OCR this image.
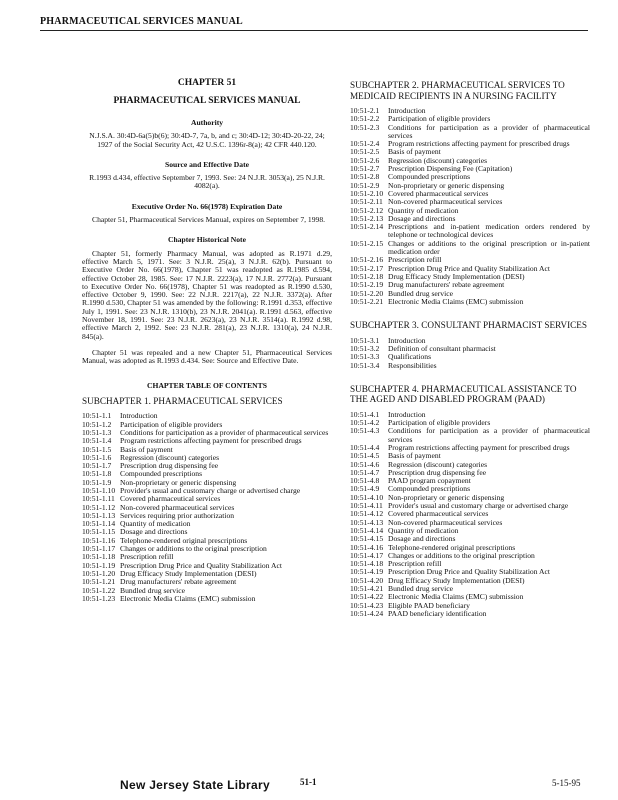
PHARMACEUTICAL SERVICES MANUAL
CHAPTER 51
PHARMACEUTICAL SERVICES MANUAL
Authority
N.J.S.A. 30:4D-6a(5)b(6); 30:4D-7, 7a, b, and c; 30:4D-12; 30:4D-20-22, 24; 1927 of the Social Security Act, 42 U.S.C. 1396r-8(a); 42 CFR 440.120.
Source and Effective Date
R.1993 d.434, effective September 7, 1993. See: 24 N.J.R. 3053(a), 25 N.J.R. 4082(a).
Executive Order No. 66(1978) Expiration Date
Chapter 51, Pharmaceutical Services Manual, expires on September 7, 1998.
Chapter Historical Note
Chapter 51, formerly Pharmacy Manual, was adopted as R.1971 d.29, effective March 5, 1971. See: 3 N.J.R. 25(a), 3 N.J.R. 62(b). Pursuant to Executive Order No. 66(1978), Chapter 51 was readopted as R.1985 d.594, effective October 28, 1985. See: 17 N.J.R. 2223(a), 17 N.J.R. 2772(a). Pursuant to Executive Order No. 66(1978), Chapter 51 was readopted as R.1990 d.530, effective October 9, 1990. See: 22 N.J.R. 2217(a), 22 N.J.R. 3372(a). After R.1990 d.530, Chapter 51 was amended by the following: R.1991 d.353, effective July 1, 1991. See: 23 N.J.R. 1310(b), 23 N.J.R. 2041(a). R.1991 d.563, effective November 18, 1991. See: 23 N.J.R. 2623(a), 23 N.J.R. 3514(a). R.1992 d.98, effective March 2, 1992. See: 23 N.J.R. 281(a), 23 N.J.R. 1310(a), 24 N.J.R. 845(a).
Chapter 51 was repealed and a new Chapter 51, Pharmaceutical Services Manual, was adopted as R.1993 d.434. See: Source and Effective Date.
CHAPTER TABLE OF CONTENTS
SUBCHAPTER 1. PHARMACEUTICAL SERVICES
10:51-1.1	Introduction
10:51-1.2	Participation of eligible providers
10:51-1.3	Conditions for participation as a provider of pharmaceutical services
10:51-1.4	Program restrictions affecting payment for prescribed drugs
10:51-1.5	Basis of payment
10:51-1.6	Regression (discount) categories
10:51-1.7	Prescription drug dispensing fee
10:51-1.8	Compounded prescriptions
10:51-1.9	Non-proprietary or generic dispensing
10:51-1.10 Provider's usual and customary charge or advertised charge
10:51-1.11 Covered pharmaceutical services
10:51-1.12 Non-covered pharmaceutical services
10:51-1.13 Services requiring prior authorization
10:51-1.14 Quantity of medication
10:51-1.15 Dosage and directions
10:51-1.16 Telephone-rendered original prescriptions
10:51-1.17 Changes or additions to the original prescription
10:51-1.18 Prescription refill
10:51-1.19 Prescription Drug Price and Quality Stabilization Act
10:51-1.20 Drug Efficacy Study Implementation (DESI)
10:51-1.21 Drug manufacturers' rebate agreement
10:51-1.22 Bundled drug service
10:51-1.23 Electronic Media Claims (EMC) submission
SUBCHAPTER 2. PHARMACEUTICAL SERVICES TO MEDICAID RECIPIENTS IN A NURSING FACILITY
10:51-2.1	Introduction
10:51-2.2	Participation of eligible providers
10:51-2.3	Conditions for participation as a provider of pharmaceutical services
10:51-2.4	Program restrictions affecting payment for prescribed drugs
10:51-2.5	Basis of payment
10:51-2.6	Regression (discount) categories
10:51-2.7	Prescription Dispensing Fee (Capitation)
10:51-2.8	Compounded prescriptions
10:51-2.9	Non-proprietary or generic dispensing
10:51-2.10 Covered pharmaceutical services
10:51-2.11 Non-covered pharmaceutical services
10:51-2.12 Quantity of medication
10:51-2.13 Dosage and directions
10:51-2.14 Prescriptions and in-patient medication orders rendered by telephone or technological devices
10:51-2.15 Changes or additions to the original prescription or in-patient medication order
10:51-2.16 Prescription refill
10:51-2.17 Prescription Drug Price and Quality Stabilization Act
10:51-2.18 Drug Efficacy Study Implementation (DESI)
10:51-2.19 Drug manufacturers' rebate agreement
10:51-2.20 Bundled drug service
10:51-2.21 Electronic Media Claims (EMC) submission
SUBCHAPTER 3. CONSULTANT PHARMACIST SERVICES
10:51-3.1	Introduction
10:51-3.2	Definition of consultant pharmacist
10:51-3.3	Qualifications
10:51-3.4	Responsibilities
SUBCHAPTER 4. PHARMACEUTICAL ASSISTANCE TO THE AGED AND DISABLED PROGRAM (PAAD)
10:51-4.1	Introduction
10:51-4.2	Participation of eligible providers
10:51-4.3	Conditions for participation as a provider of pharmaceutical services
10:51-4.4	Program restrictions affecting payment for prescribed drugs
10:51-4.5	Basis of payment
10:51-4.6	Regression (discount) categories
10:51-4.7	Prescription drug dispensing fee
10:51-4.8	PAAD program copayment
10:51-4.9	Compounded prescriptions
10:51-4.10 Non-proprietary or generic dispensing
10:51-4.11 Provider's usual and customary charge or advertised charge
10:51-4.12 Covered pharmaceutical services
10:51-4.13 Non-covered pharmaceutical services
10:51-4.14 Quantity of medication
10:51-4.15 Dosage and directions
10:51-4.16 Telephone-rendered original prescriptions
10:51-4.17 Changes or additions to the original prescription
10:51-4.18 Prescription refill
10:51-4.19 Prescription Drug Price and Quality Stabilization Act
10:51-4.20 Drug Efficacy Study Implementation (DESI)
10:51-4.21 Bundled drug service
10:51-4.22 Electronic Media Claims (EMC) submission
10:51-4.23 Eligible PAAD beneficiary
10:51-4.24 PAAD beneficiary identification
New Jersey State Library	51-1	5-15-95
